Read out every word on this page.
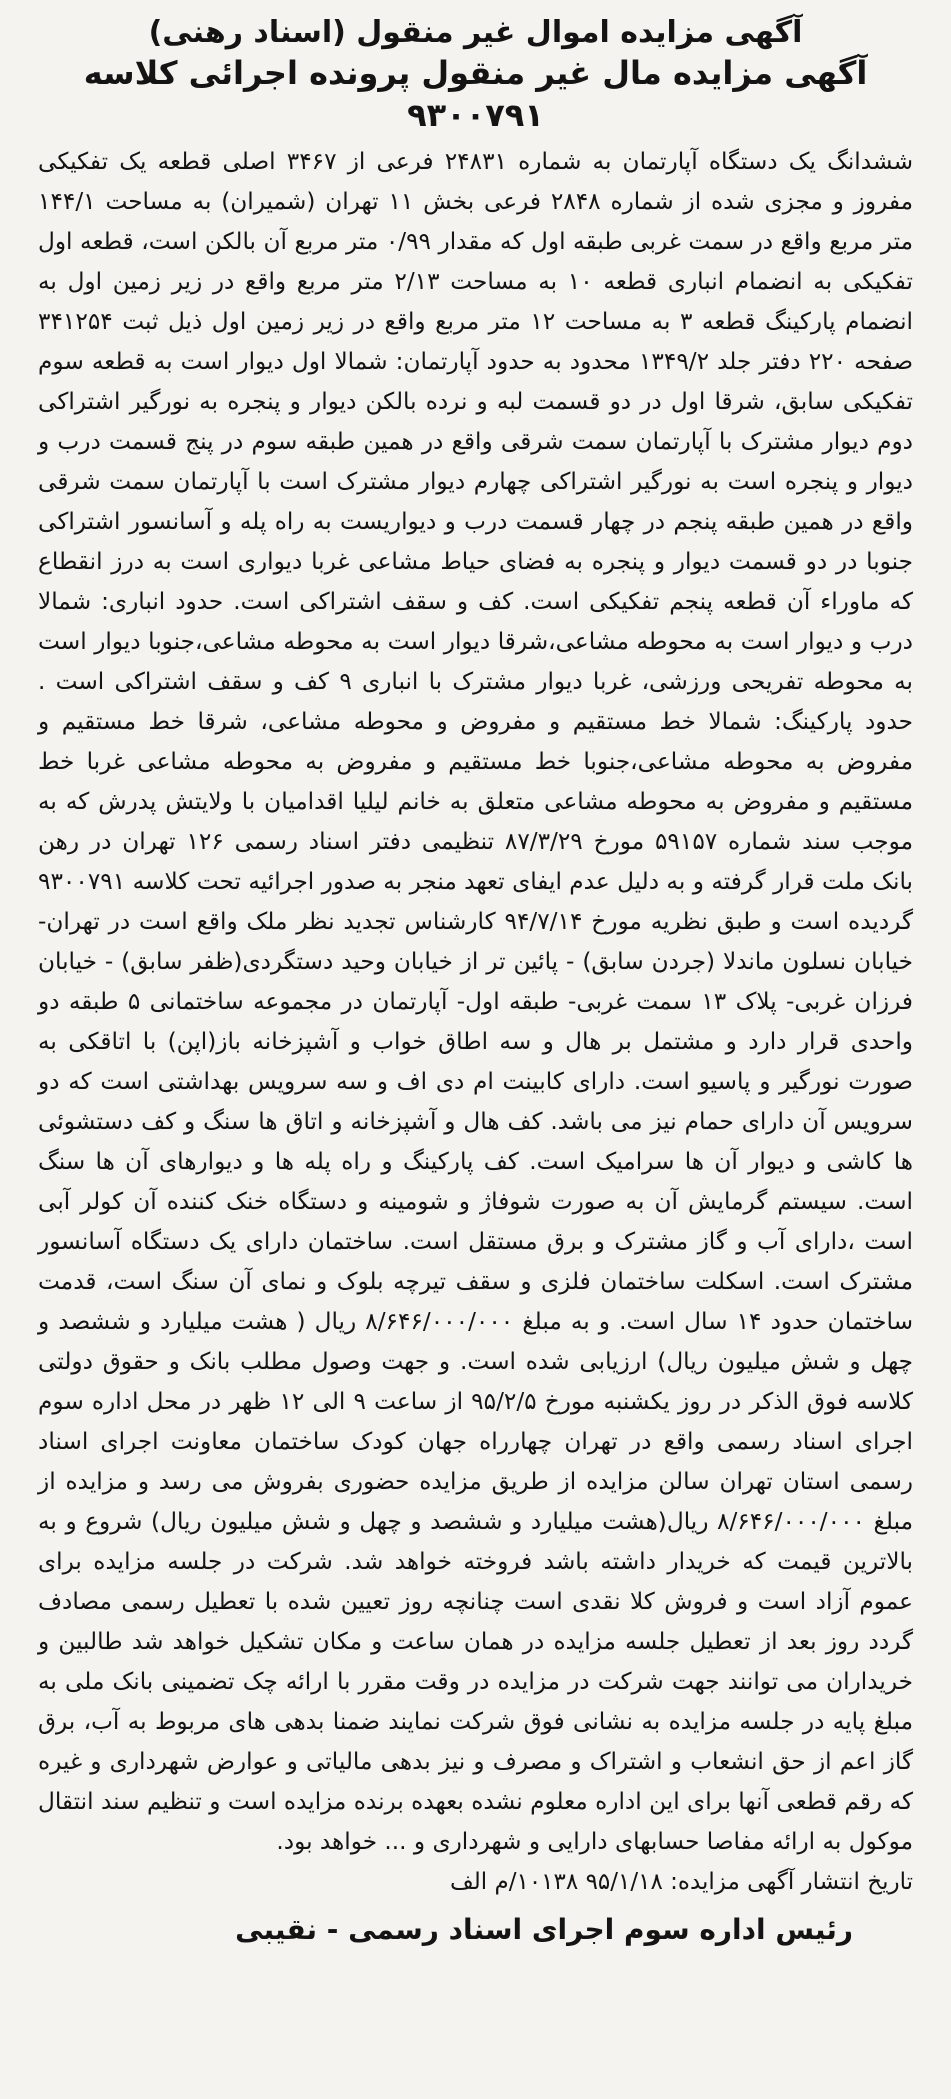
آگهی مزایده اموال غیر منقول (اسناد رهنی)
آگهی مزایده مال غیر منقول پرونده اجرائی کلاسه ۹۳۰۰۷۹۱

ششدانگ یک دستگاه آپارتمان به شماره ۲۴۸۳۱ فرعی از ۳۴۶۷ اصلی قطعه یک تفکیکی مفروز و مجزی شده از شماره ۲۸۴۸ فرعی بخش ۱۱ تهران (شمیران) به مساحت ۱۴۴/۱ متر مربع واقع در سمت غربی طبقه اول که مقدار ۰/۹۹ متر مربع آن بالکن است، قطعه اول تفکیکی به انضمام انباری قطعه ۱۰ به مساحت ۲/۱۳ متر مربع واقع در زیر زمین اول به انضمام پارکینگ قطعه ۳ به مساحت ۱۲ متر مربع واقع در زیر زمین اول ذیل ثبت ۳۴۱۲۵۴ صفحه ۲۲۰ دفتر جلد ۱۳۴۹/۲ محدود به حدود آپارتمان: شمالا اول دیوار است به قطعه سوم تفکیکی سابق، شرقا اول در دو قسمت لبه و نرده بالکن دیوار و پنجره به نورگیر اشتراکی دوم دیوار مشترک با آپارتمان سمت شرقی واقع در همین طبقه سوم در پنج قسمت درب و دیوار و پنجره است به نورگیر اشتراکی چهارم دیوار مشترک است با آپارتمان سمت شرقی واقع در همین طبقه پنجم در چهار قسمت درب و دیواریست به راه پله و آسانسور اشتراکی جنوبا در دو قسمت دیوار و پنجره به فضای حیاط مشاعی غربا دیواری است به درز انقطاع که ماوراء آن قطعه پنجم تفکیکی است. کف و سقف اشتراکی است. حدود انباری: شمالا درب و دیوار است به محوطه مشاعی،شرقا دیوار است به محوطه مشاعی،جنوبا دیوار است به محوطه تفریحی ورزشی، غربا دیوار مشترک با انباری ۹ کف و سقف اشتراکی است . حدود پارکینگ: شمالا خط مستقیم و مفروض و محوطه مشاعی، شرقا خط مستقیم و مفروض به محوطه مشاعی،جنوبا خط مستقیم و مفروض به محوطه مشاعی غربا خط مستقیم و مفروض به محوطه مشاعی متعلق به خانم لیلیا اقدامیان با ولایتش پدرش که به موجب سند شماره ۵۹۱۵۷ مورخ ۸۷/۳/۲۹ تنظیمی دفتر اسناد رسمی ۱۲۶ تهران در رهن بانک ملت قرار گرفته و به دلیل عدم ایفای تعهد منجر به صدور اجرائیه تحت کلاسه ۹۳۰۰۷۹۱ گردیده است و طبق نظریه مورخ ۹۴/۷/۱۴ کارشناس تجدید نظر ملک واقع است در تهران- خیابان نسلون ماندلا (جردن سابق) - پائین تر از خیابان وحید دستگردی(ظفر سابق) - خیابان فرزان غربی- پلاک ۱۳ سمت غربی- طبقه اول- آپارتمان در مجموعه ساختمانی ۵ طبقه دو واحدی قرار دارد و مشتمل بر هال و سه اطاق خواب و آشپزخانه باز(اپن) با اتاقکی به صورت نورگیر و پاسیو است. دارای کابینت ام دی اف و سه سرویس بهداشتی است که دو سرویس آن دارای حمام نیز می باشد. کف هال و آشپزخانه و اتاق ها سنگ و کف دستشوئی ها کاشی و دیوار آن ها سرامیک است. کف پارکینگ و راه پله ها و دیوارهای آن ها سنگ است. سیستم گرمایش آن به صورت شوفاژ و شومینه و دستگاه خنک کننده آن کولر آبی است ،دارای آب و گاز مشترک و برق مستقل است. ساختمان دارای یک دستگاه آسانسور مشترک است. اسکلت ساختمان فلزی و سقف تیرچه بلوک و نمای آن سنگ است، قدمت ساختمان حدود ۱۴ سال است. و به مبلغ ۸/۶۴۶/۰۰۰/۰۰۰ ریال ( هشت میلیارد و ششصد و چهل و شش میلیون ریال) ارزیابی شده است. و جهت وصول مطلب بانک و حقوق دولتی کلاسه فوق الذکر در روز یکشنبه مورخ ۹۵/۲/۵ از ساعت ۹ الی ۱۲ ظهر در محل اداره سوم اجرای اسناد رسمی واقع در تهران چهارراه جهان کودک ساختمان معاونت اجرای اسناد رسمی استان تهران سالن مزایده از طریق مزایده حضوری بفروش می رسد و مزایده از مبلغ ۸/۶۴۶/۰۰۰/۰۰۰ ریال(هشت میلیارد و ششصد و چهل و شش میلیون ریال) شروع و به بالاترین قیمت که خریدار داشته باشد فروخته خواهد شد. شرکت در جلسه مزایده برای عموم آزاد است و فروش کلا نقدی است چنانچه روز تعیین شده با تعطیل رسمی مصادف گردد روز بعد از تعطیل جلسه مزایده در همان ساعت و مکان تشکیل خواهد شد طالبین و خریداران می توانند جهت شرکت در مزایده در وقت مقرر با ارائه چک تضمینی بانک ملی به مبلغ پایه در جلسه مزایده به نشانی فوق شرکت نمایند ضمنا بدهی های مربوط به آب، برق گاز اعم از حق انشعاب و اشتراک و مصرف و نیز بدهی مالیاتی و عوارض شهرداری و غیره که رقم قطعی آنها برای این اداره معلوم نشده بعهده برنده مزایده است و تنظیم سند انتقال موکول به ارائه مفاصا حسابهای دارایی و شهرداری و ... خواهد بود.

تاریخ انتشار آگهی مزایده: ۹۵/۱/۱۸ ۱۰۱۳۸/م الف

رئیس اداره سوم اجرای اسناد رسمی - نقیبی
